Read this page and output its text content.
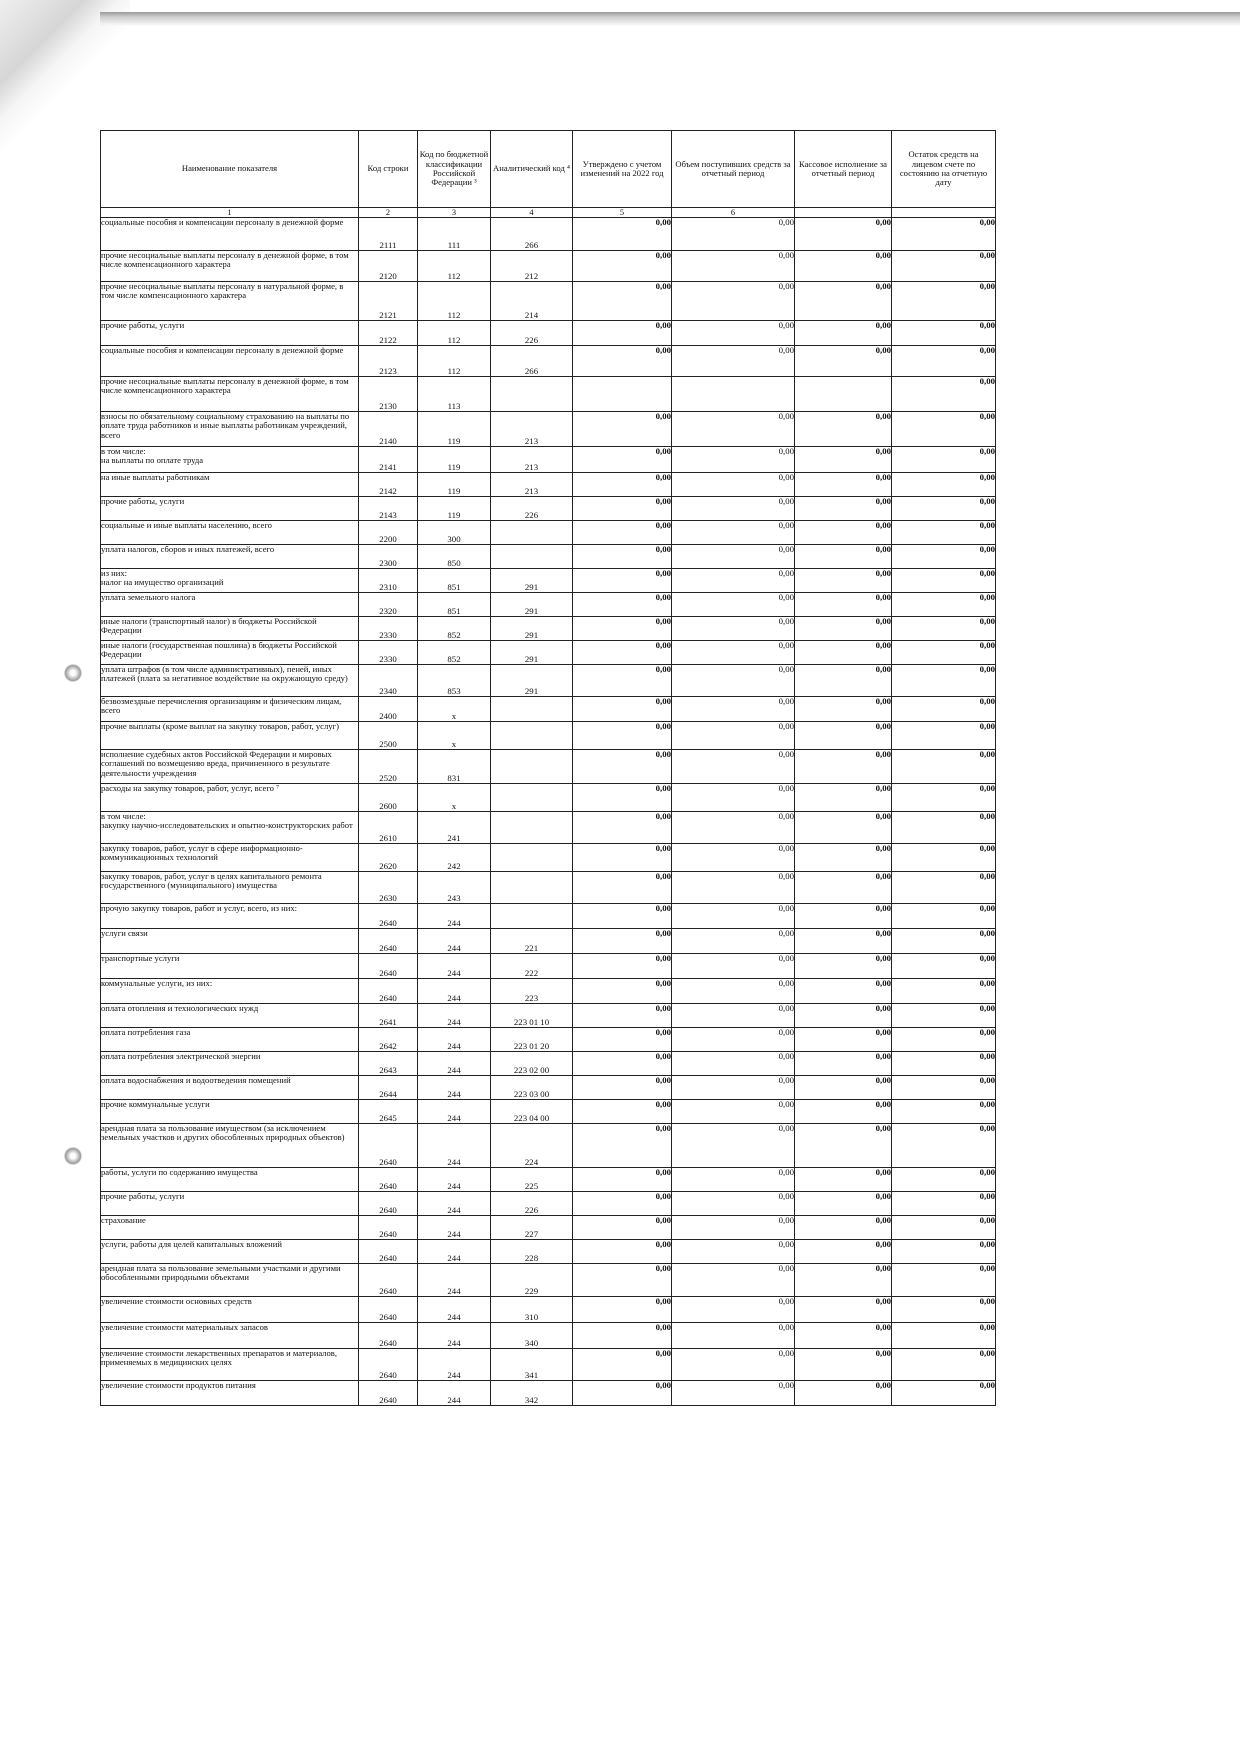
Наименование показателя	Код строки	Код по бюджетной классификации Российской Федерации ³	Аналитический код ⁴	Утверждено с учетом изменений на 2022 год	Объем поступивших средств за отчетный период	Кассовое исполнение за отчетный период	Остаток средств на лицевом счете по состоянию на отчетную дату
1	2	3	4	5	6		
социальные пособия и компенсации персоналу в денежной форме	2111	111	266	0,00	0,00	0,00	0,00
прочие несоциальные выплаты персоналу в денежной форме, в том числе компенсационного характера	2120	112	212	0,00	0,00	0,00	0,00
прочие несоциальные выплаты персоналу в натуральной форме, в том числе компенсационного характера	2121	112	214	0,00	0,00	0,00	0,00
прочие работы, услуги	2122	112	226	0,00	0,00	0,00	0,00
социальные пособия и компенсации персоналу в денежной форме	2123	112	266	0,00	0,00	0,00	0,00
прочие несоциальные выплаты персоналу в денежной форме, в том числе компенсационного характера	2130	113					0,00
взносы по обязательному социальному страхованию на выплаты по оплате труда работников и иные выплаты работникам учреждений, всего	2140	119	213	0,00	0,00	0,00	0,00
в том числе:
на выплаты по оплате труда	2141	119	213	0,00	0,00	0,00	0,00
на иные выплаты работникам	2142	119	213	0,00	0,00	0,00	0,00
прочие работы, услуги	2143	119	226	0,00	0,00	0,00	0,00
социальные и иные выплаты населению, всего	2200	300		0,00	0,00	0,00	0,00
уплата налогов, сборов и иных платежей, всего	2300	850		0,00	0,00	0,00	0,00
из них:
налог на имущество организаций	2310	851	291	0,00	0,00	0,00	0,00
уплата земельного налога	2320	851	291	0,00	0,00	0,00	0,00
иные налоги (транспортный налог) в бюджеты Российской Федерации	2330	852	291	0,00	0,00	0,00	0,00
иные налоги (государственная пошлина) в бюджеты Российской Федерации	2330	852	291	0,00	0,00	0,00	0,00
уплата штрафов (в том числе административных), пеней, иных платежей (плата за негативное воздействие на окружающую среду)	2340	853	291	0,00	0,00	0,00	0,00
безвозмездные перечисления организациям и физическим лицам, всего	2400	x		0,00	0,00	0,00	0,00
прочие выплаты (кроме выплат на закупку товаров, работ, услуг)	2500	x		0,00	0,00	0,00	0,00
исполнение судебных актов Российской Федерации и мировых соглашений по возмещению вреда, причиненного в результате деятельности учреждения	2520	831		0,00	0,00	0,00	0,00
расходы на закупку товаров, работ, услуг, всего ⁷	2600	x		0,00	0,00	0,00	0,00
в том числе:
закупку научно-исследовательских и опытно-конструкторских работ	2610	241		0,00	0,00	0,00	0,00
закупку товаров, работ, услуг в сфере информационно-коммуникационных технологий	2620	242		0,00	0,00	0,00	0,00
закупку товаров, работ, услуг в целях капитального ремонта государственного (муниципального) имущества	2630	243		0,00	0,00	0,00	0,00
прочую закупку товаров, работ и услуг, всего, из них:	2640	244		0,00	0,00	0,00	0,00
услуги связи	2640	244	221	0,00	0,00	0,00	0,00
транспортные услуги	2640	244	222	0,00	0,00	0,00	0,00
коммунальные услуги, из них:	2640	244	223	0,00	0,00	0,00	0,00
оплата отопления и технологических нужд	2641	244	223 01 10	0,00	0,00	0,00	0,00
оплата потребления газа	2642	244	223 01 20	0,00	0,00	0,00	0,00
оплата потребления электрической энергии	2643	244	223 02 00	0,00	0,00	0,00	0,00
оплата водоснабжения и водоотведения помещений	2644	244	223 03 00	0,00	0,00	0,00	0,00
прочие коммунальные услуги	2645	244	223 04 00	0,00	0,00	0,00	0,00
арендная плата за пользование имуществом (за исключением земельных участков и других обособленных природных объектов)	2640	244	224	0,00	0,00	0,00	0,00
работы, услуги по содержанию имущества	2640	244	225	0,00	0,00	0,00	0,00
прочие работы, услуги	2640	244	226	0,00	0,00	0,00	0,00
страхование	2640	244	227	0,00	0,00	0,00	0,00
услуги, работы для целей капитальных вложений	2640	244	228	0,00	0,00	0,00	0,00
арендная плата за пользование земельными участками и другими обособленными природными объектами	2640	244	229	0,00	0,00	0,00	0,00
увеличение стоимости основных средств	2640	244	310	0,00	0,00	0,00	0,00
увеличение стоимости материальных запасов	2640	244	340	0,00	0,00	0,00	0,00
увеличение стоимости лекарственных препаратов и материалов, применяемых в медицинских целях	2640	244	341	0,00	0,00	0,00	0,00
увеличение стоимости продуктов питания	2640	244	342	0,00	0,00	0,00	0,00
